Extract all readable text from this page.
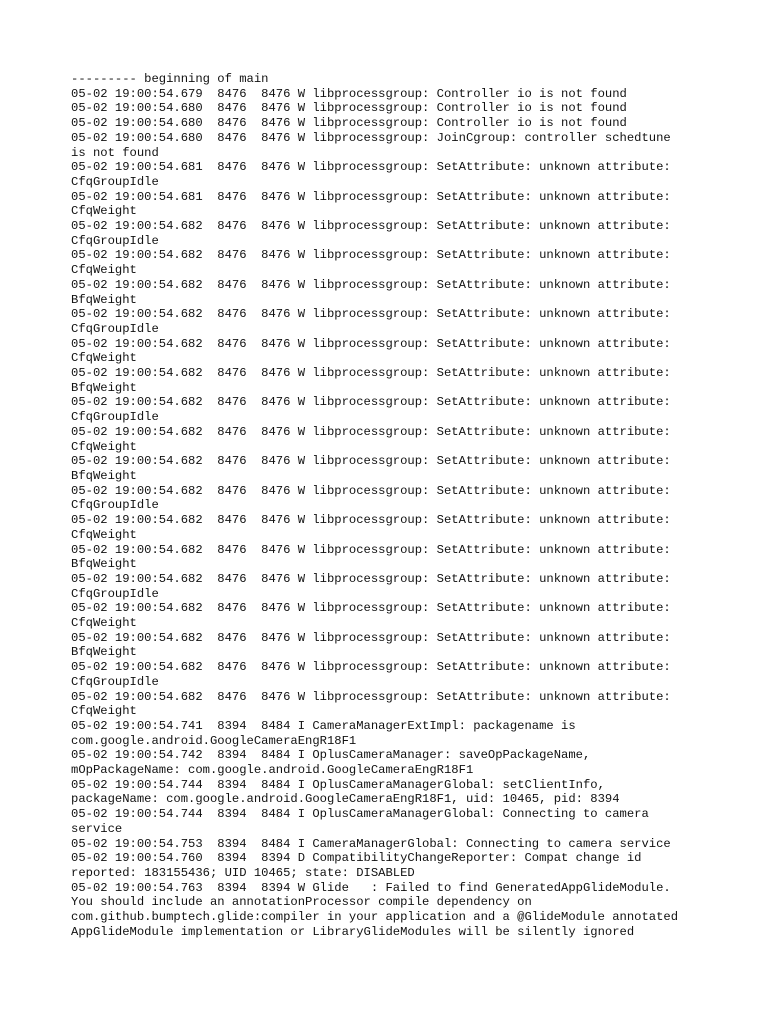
--------- beginning of main
05-02 19:00:54.679  8476  8476 W libprocessgroup: Controller io is not found
05-02 19:00:54.680  8476  8476 W libprocessgroup: Controller io is not found
05-02 19:00:54.680  8476  8476 W libprocessgroup: Controller io is not found
05-02 19:00:54.680  8476  8476 W libprocessgroup: JoinCgroup: controller schedtune
is not found
05-02 19:00:54.681  8476  8476 W libprocessgroup: SetAttribute: unknown attribute:
CfqGroupIdle
05-02 19:00:54.681  8476  8476 W libprocessgroup: SetAttribute: unknown attribute:
CfqWeight
05-02 19:00:54.682  8476  8476 W libprocessgroup: SetAttribute: unknown attribute:
CfqGroupIdle
05-02 19:00:54.682  8476  8476 W libprocessgroup: SetAttribute: unknown attribute:
CfqWeight
05-02 19:00:54.682  8476  8476 W libprocessgroup: SetAttribute: unknown attribute:
BfqWeight
05-02 19:00:54.682  8476  8476 W libprocessgroup: SetAttribute: unknown attribute:
CfqGroupIdle
05-02 19:00:54.682  8476  8476 W libprocessgroup: SetAttribute: unknown attribute:
CfqWeight
05-02 19:00:54.682  8476  8476 W libprocessgroup: SetAttribute: unknown attribute:
BfqWeight
05-02 19:00:54.682  8476  8476 W libprocessgroup: SetAttribute: unknown attribute:
CfqGroupIdle
05-02 19:00:54.682  8476  8476 W libprocessgroup: SetAttribute: unknown attribute:
CfqWeight
05-02 19:00:54.682  8476  8476 W libprocessgroup: SetAttribute: unknown attribute:
BfqWeight
05-02 19:00:54.682  8476  8476 W libprocessgroup: SetAttribute: unknown attribute:
CfqGroupIdle
05-02 19:00:54.682  8476  8476 W libprocessgroup: SetAttribute: unknown attribute:
CfqWeight
05-02 19:00:54.682  8476  8476 W libprocessgroup: SetAttribute: unknown attribute:
BfqWeight
05-02 19:00:54.682  8476  8476 W libprocessgroup: SetAttribute: unknown attribute:
CfqGroupIdle
05-02 19:00:54.682  8476  8476 W libprocessgroup: SetAttribute: unknown attribute:
CfqWeight
05-02 19:00:54.682  8476  8476 W libprocessgroup: SetAttribute: unknown attribute:
BfqWeight
05-02 19:00:54.682  8476  8476 W libprocessgroup: SetAttribute: unknown attribute:
CfqGroupIdle
05-02 19:00:54.682  8476  8476 W libprocessgroup: SetAttribute: unknown attribute:
CfqWeight
05-02 19:00:54.741  8394  8484 I CameraManagerExtImpl: packagename is
com.google.android.GoogleCameraEngR18F1
05-02 19:00:54.742  8394  8484 I OplusCameraManager: saveOpPackageName,
mOpPackageName: com.google.android.GoogleCameraEngR18F1
05-02 19:00:54.744  8394  8484 I OplusCameraManagerGlobal: setClientInfo,
packageName: com.google.android.GoogleCameraEngR18F1, uid: 10465, pid: 8394
05-02 19:00:54.744  8394  8484 I OplusCameraManagerGlobal: Connecting to camera
service
05-02 19:00:54.753  8394  8484 I CameraManagerGlobal: Connecting to camera service
05-02 19:00:54.760  8394  8394 D CompatibilityChangeReporter: Compat change id
reported: 183155436; UID 10465; state: DISABLED
05-02 19:00:54.763  8394  8394 W Glide   : Failed to find GeneratedAppGlideModule.
You should include an annotationProcessor compile dependency on
com.github.bumptech.glide:compiler in your application and a @GlideModule annotated
AppGlideModule implementation or LibraryGlideModules will be silently ignored
